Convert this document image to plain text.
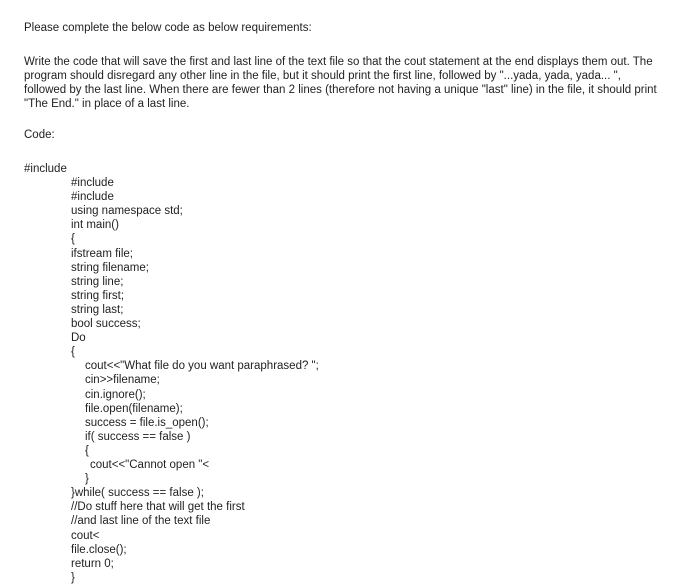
Please complete the below code as below requirements:
Write the code that will save the first and last line of the text file so that the cout statement at the end displays them out. The program should disregard any other line in the file, but it should print the first line, followed by "...yada, yada, yada... ", followed by the last line. When there are fewer than 2 lines (therefore not having a unique "last" line) in the file, it should print "The End." in place of a last line.
Code:
#include
#include
#include
using namespace std;
int main()
{
ifstream file;
string filename;
string line;
string first;
string last;
bool success;
Do
{
cout<<"What file do you want paraphrased? ";
cin>>filename;
cin.ignore();
file.open(filename);
success = file.is_open();
if( success == false )
{
cout<<"Cannot open "<
}
}while( success == false );
//Do stuff here that will get the first
//and last line of the text file
cout<
file.close();
return 0;
}
